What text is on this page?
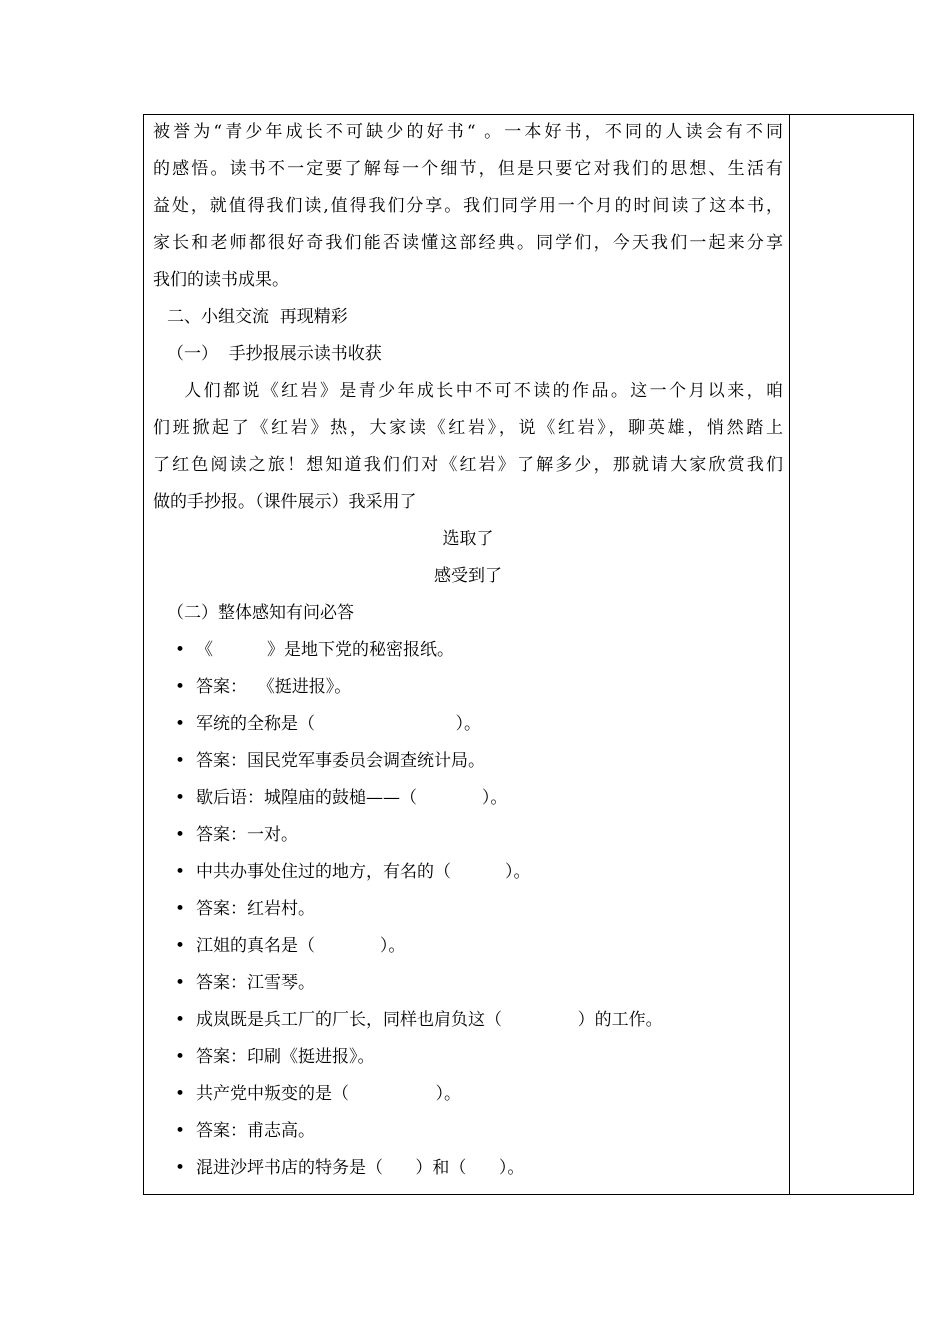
被誉为“青少年成长不可缺少的好书“ 。一本好书，不同的人读会有不同
的感悟。读书不一定要了解每一个细节，但是只要它对我们的思想、生活有
益处，就值得我们读,值得我们分享。我们同学用一个月的时间读了这本书，
家长和老师都很好奇我们能否读懂这部经典。同学们，今天我们一起来分享
我们的读书成果。
二、小组交流  再现精彩
（一）  手抄报展示读书收获
人们都说《红岩》是青少年成长中不可不读的作品。这一个月以来，咱
们班掀起了《红岩》热，大家读《红岩》，说《红岩》，聊英雄，悄然踏上
了红色阅读之旅！想知道我们们对《红岩》了解多少，那就请大家欣赏我们
做的手抄报。（课件展示）我采用了
选取了
感受到了
（二）整体感知有问必答
• 《          》是地下党的秘密报纸。
• 答案：  《挺进报》。
• 军统的全称是（                          ）。
• 答案：国民党军事委员会调查统计局。
• 歇后语：城隍庙的鼓槌——（            ）。
• 答案：一对。
• 中共办事处住过的地方，有名的（          ）。
• 答案：红岩村。
• 江姐的真名是（            ）。
• 答案：江雪琴。
• 成岚既是兵工厂的厂长，同样也肩负这（              ）的工作。
• 答案：印刷《挺进报》。
• 共产党中叛变的是（                ）。
• 答案：甫志高。
• 混进沙坪书店的特务是（      ）和（      ）。
